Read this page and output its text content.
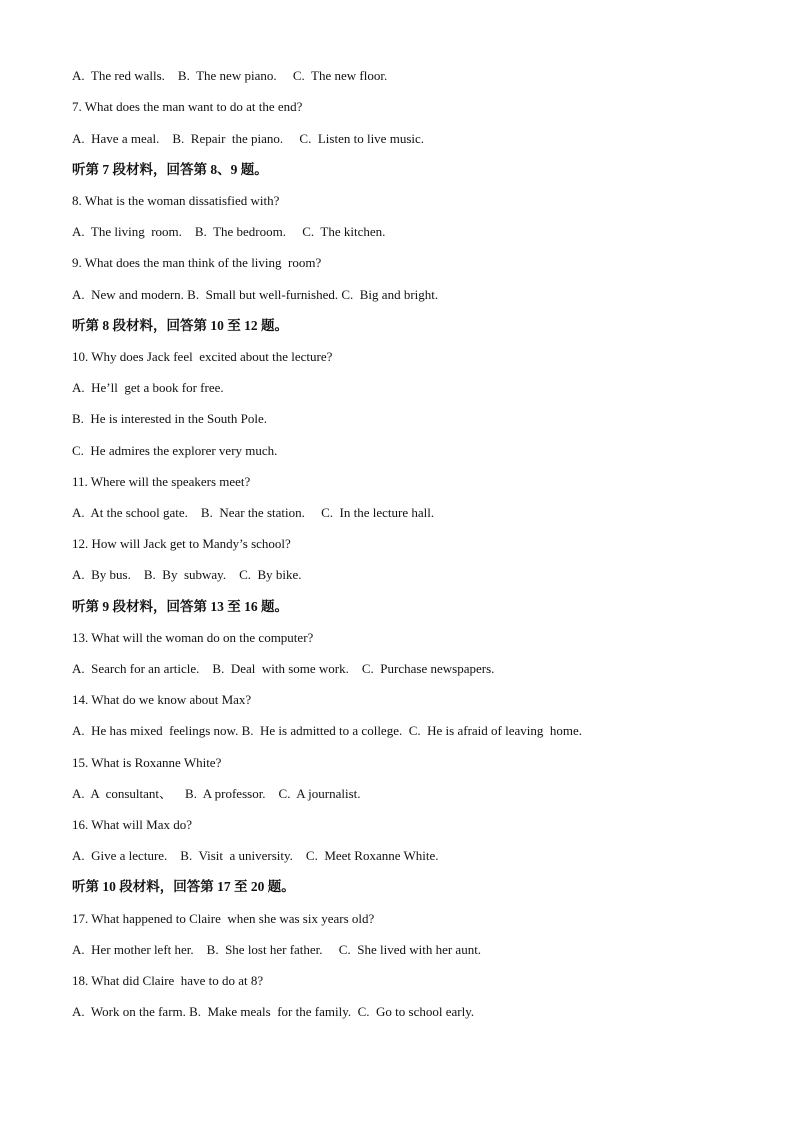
A.  The red walls.    B.  The new piano.     C.  The new floor.
7. What does the man want to do at the end?
A.  Have a meal.    B.  Repair  the piano.     C.  Listen to live music.
听第 7 段材料，回答第 8、9 题。
8. What is the woman dissatisfied with?
A.  The living  room.    B.  The bedroom.     C.  The kitchen.
9. What does the man think of the living  room?
A.  New and modern. B.  Small but well-furnished. C.  Big and bright.
听第 8 段材料，回答第 10 至 12 题。
10. Why does Jack feel  excited about the lecture?
A.  He’ll  get a book for free.
B.  He is interested in the South Pole.
C.  He admires the explorer very much.
11. Where will the speakers meet?
A.  At the school gate.    B.  Near the station.     C.  In the lecture hall.
12. How will Jack get to Mandy’s school?
A.  By bus.    B.  By  subway.    C.  By bike.
听第 9 段材料，回答第 13 至 16 题。
13. What will the woman do on the computer?
A.  Search for an article.    B.  Deal  with some work.    C.  Purchase newspapers.
14. What do we know about Max?
A.  He has mixed  feelings now. B.  He is admitted to a college.  C.  He is afraid of leaving  home.
15. What is Roxanne White?
A.  A  consultant、    B.  A professor.    C.  A journalist.
16. What will Max do?
A.  Give a lecture.    B.  Visit  a university.    C.  Meet Roxanne White.
听第 10 段材料，回答第 17 至 20 题。
17. What happened to Claire  when she was six years old?
A.  Her mother left her.    B.  She lost her father.     C.  She lived with her aunt.
18. What did Claire  have to do at 8?
A.  Work on the farm. B.  Make meals  for the family.  C.  Go to school early.
